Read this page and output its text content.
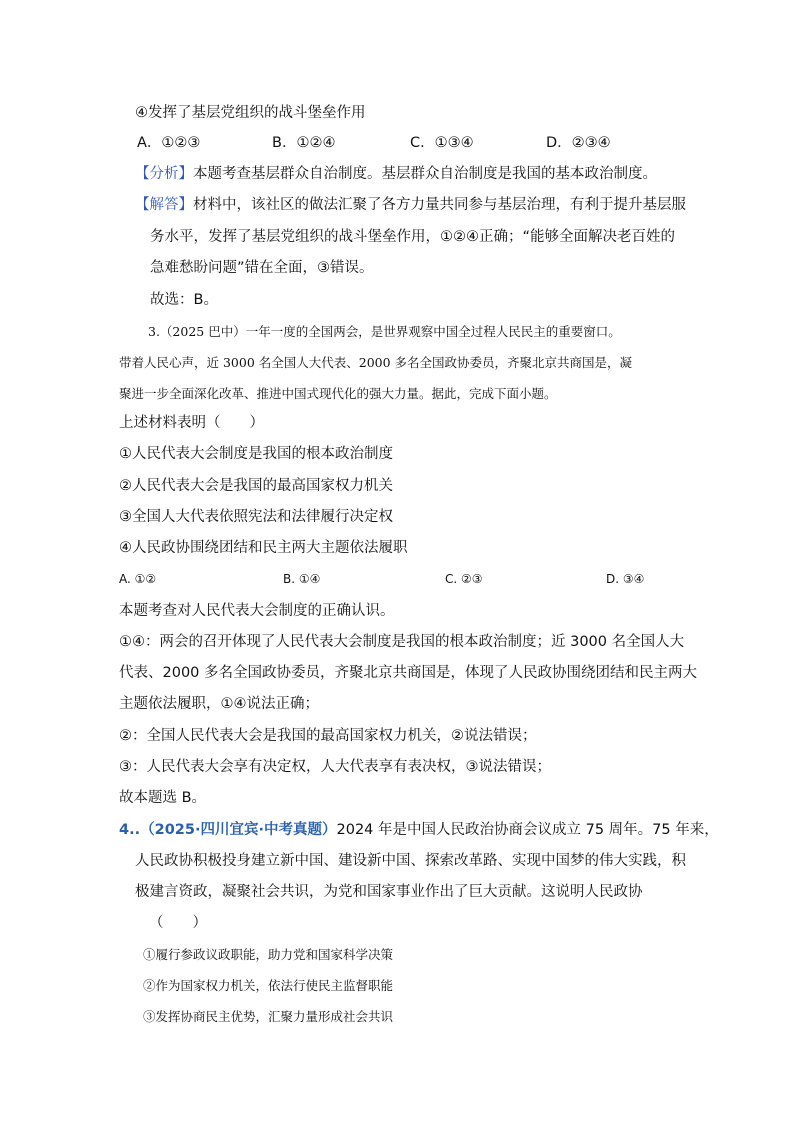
④发挥了基层党组织的战斗堡垒作用
A．①②③	B．①②④	C．①③④	D．②③④
【分析】本题考查基层群众自治制度。基层群众自治制度是我国的基本政治制度。
【解答】材料中，该社区的做法汇聚了各方力量共同参与基层治理，有利于提升基层服
务水平，发挥了基层党组织的战斗堡垒作用，①②④正确；“能够全面解决老百姓的
急难愁盼问题”错在全面，③错误。
故选：B。
3.（2025 巴中）一年一度的全国两会，是世界观察中国全过程人民民主的重要窗口。
带着人民心声，近 3000 名全国人大代表、2000 多名全国政协委员，齐聚北京共商国是，凝
聚进一步全面深化改革、推进中国式现代化的强大力量。据此，完成下面小题。
上述材料表明（　　）
①人民代表大会制度是我国的根本政治制度
②人民代表大会是我国的最高国家权力机关
③全国人大代表依照宪法和法律履行决定权
④人民政协围绕团结和民主两大主题依法履职
A. ①②	B. ①④	C. ②③	D. ③④
本题考查对人民代表大会制度的正确认识。
①④：两会的召开体现了人民代表大会制度是我国的根本政治制度；近 3000 名全国人大
代表、2000 多名全国政协委员，齐聚北京共商国是，体现了人民政协围绕团结和民主两大
主题依法履职，①④说法正确；
②：全国人民代表大会是我国的最高国家权力机关，②说法错误；
③：人民代表大会享有决定权，人大代表享有表决权，③说法错误；
故本题选 B。
4..（2025·四川宜宾·中考真题）2024 年是中国人民政治协商会议成立 75 周年。75 年来，
人民政协积极投身建立新中国、建设新中国、探索改革路、实现中国梦的伟大实践，积
极建言资政，凝聚社会共识，为党和国家事业作出了巨大贡献。这说明人民政协
（　　）
①履行参政议政职能，助力党和国家科学决策
②作为国家权力机关，依法行使民主监督职能
③发挥协商民主优势，汇聚力量形成社会共识
